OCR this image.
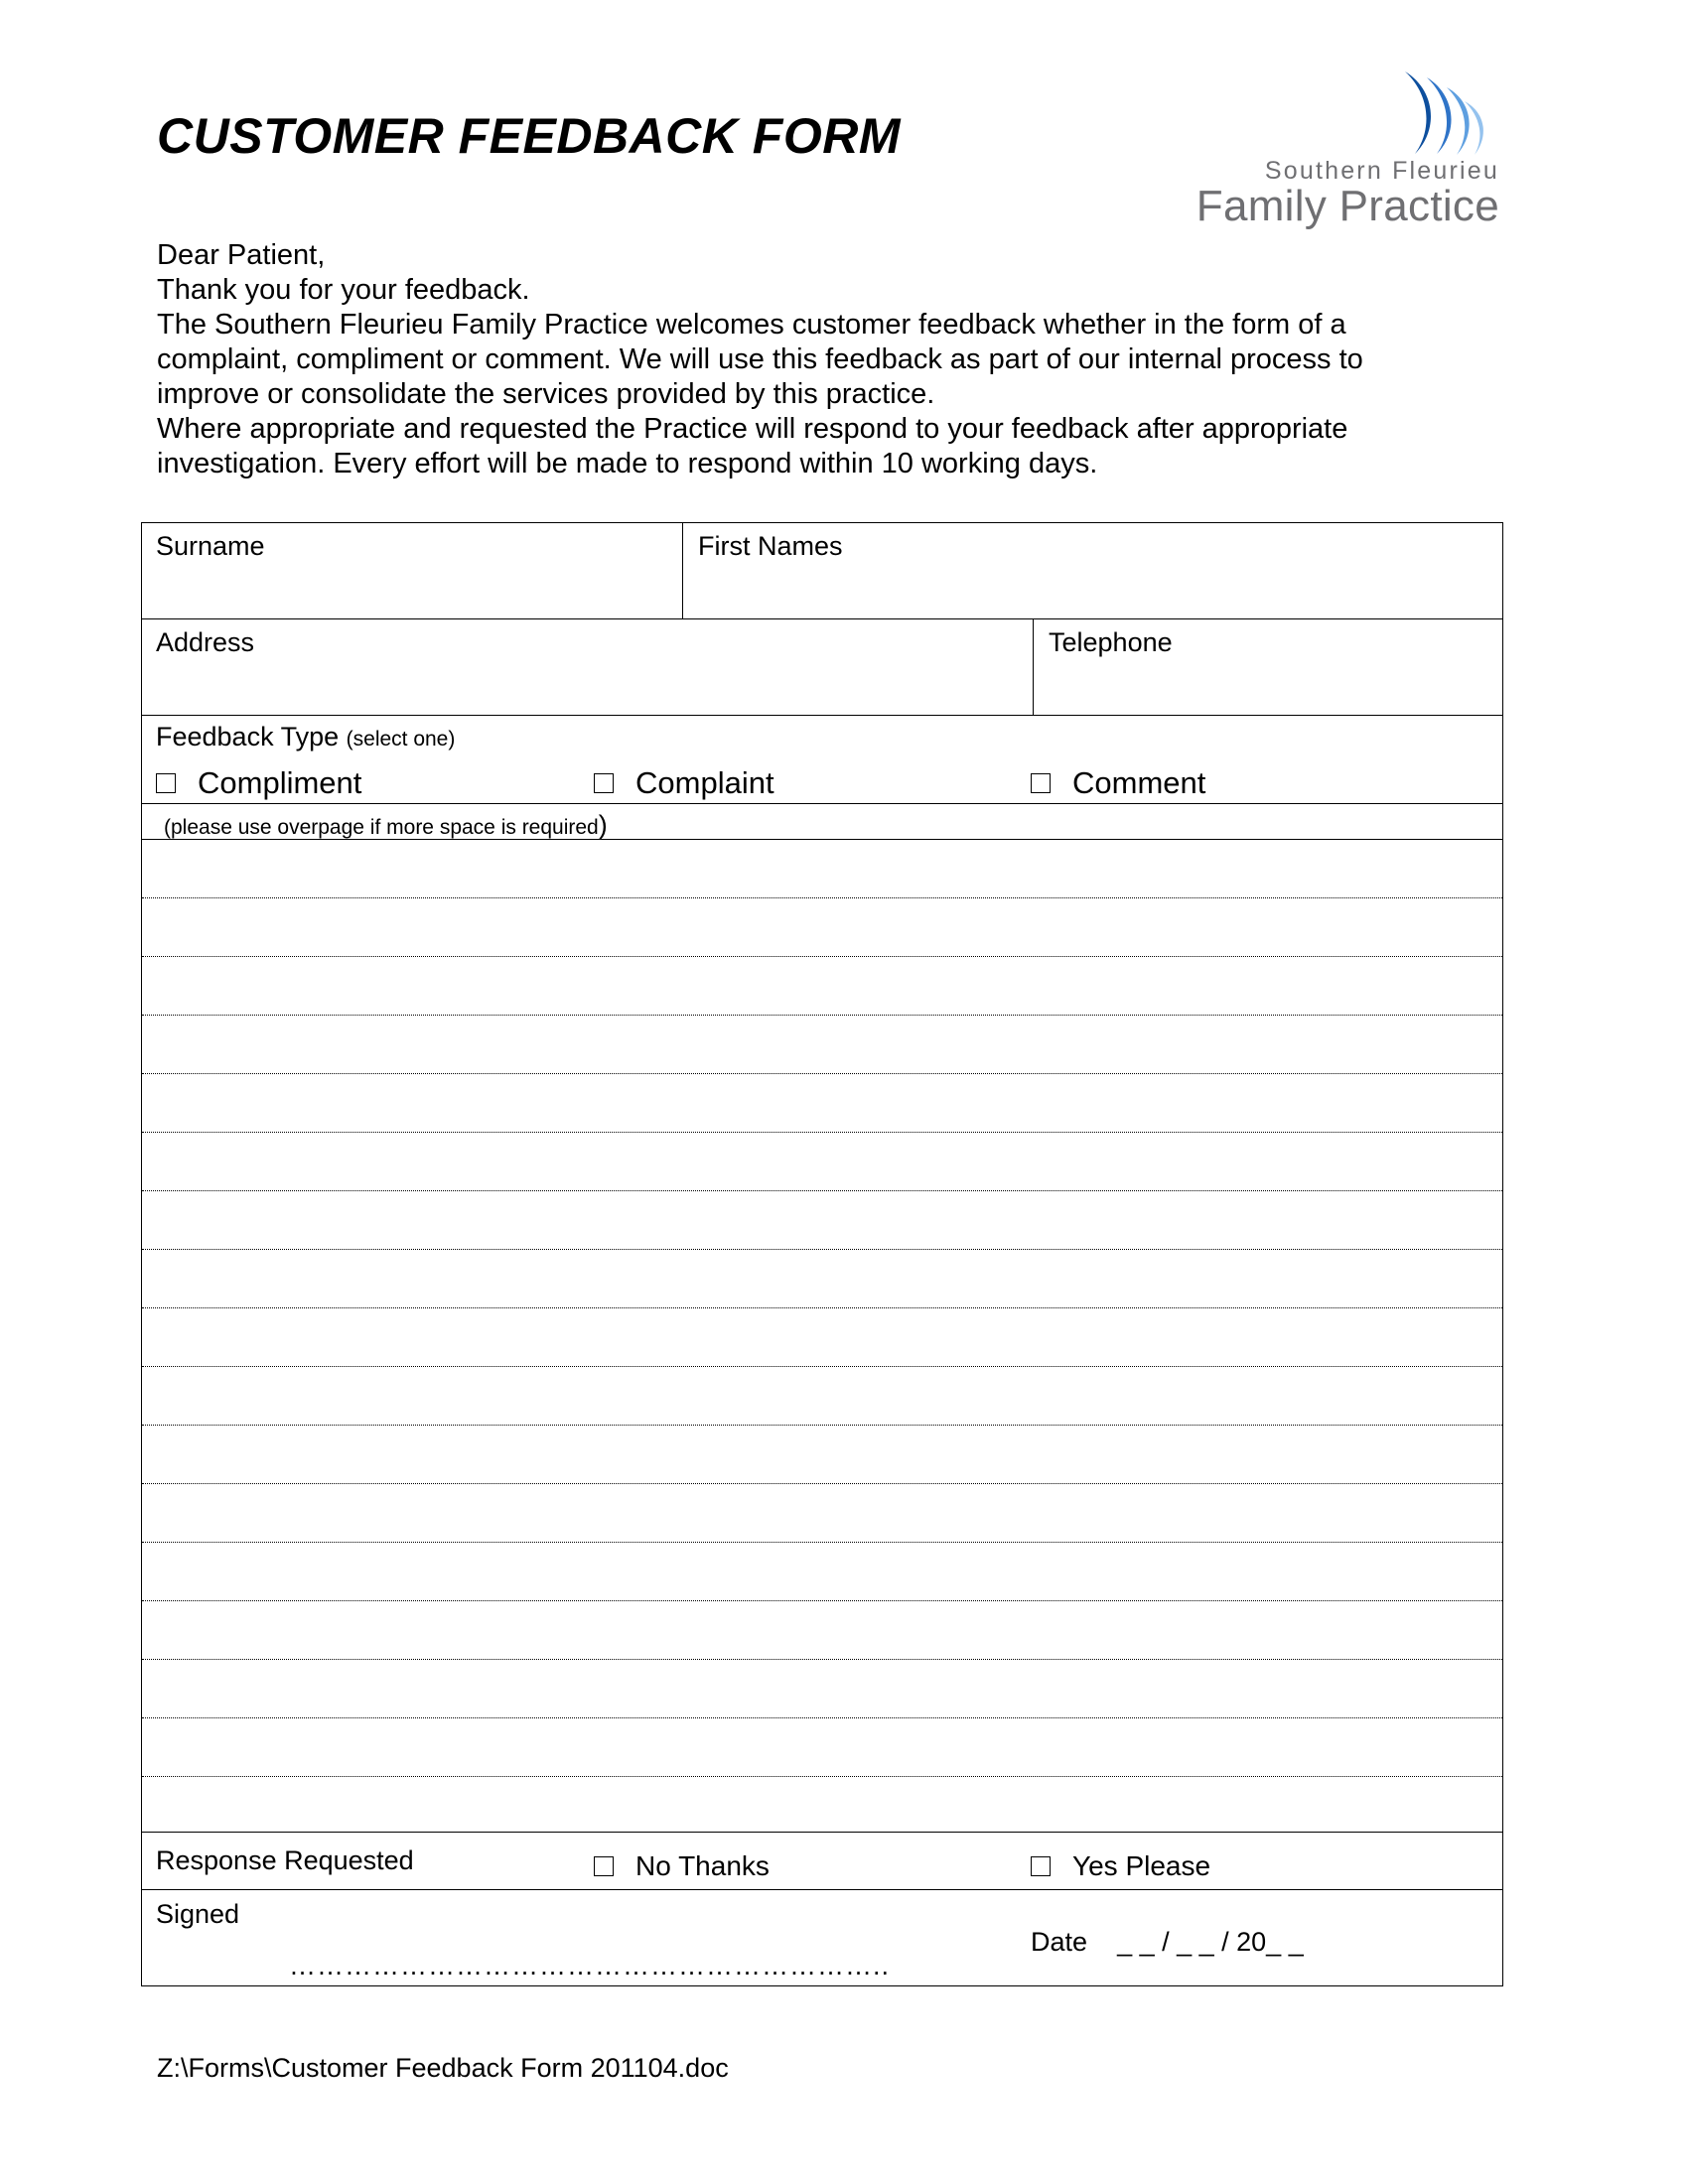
CUSTOMER FEEDBACK FORM
Southern Fleurieu
Family Practice

Dear Patient,

Thank you for your feedback.

The Southern Fleurieu Family Practice welcomes customer feedback whether in the form of a complaint, compliment or comment. We will use this feedback as part of our internal process to improve or consolidate the services provided by this practice.

Where appropriate and requested the Practice will respond to your feedback after appropriate investigation. Every effort will be made to respond within 10 working days.

Surname	First Names
Address	Telephone
Feedback Type (select one)
Compliment	Complaint	Comment
(please use overpage if more space is required)
Response Requested	No Thanks	Yes Please
Signed
………………………………………………………..
Date _ _ / _ _ / 20_ _
Z:\Forms\Customer Feedback Form 201104.doc
